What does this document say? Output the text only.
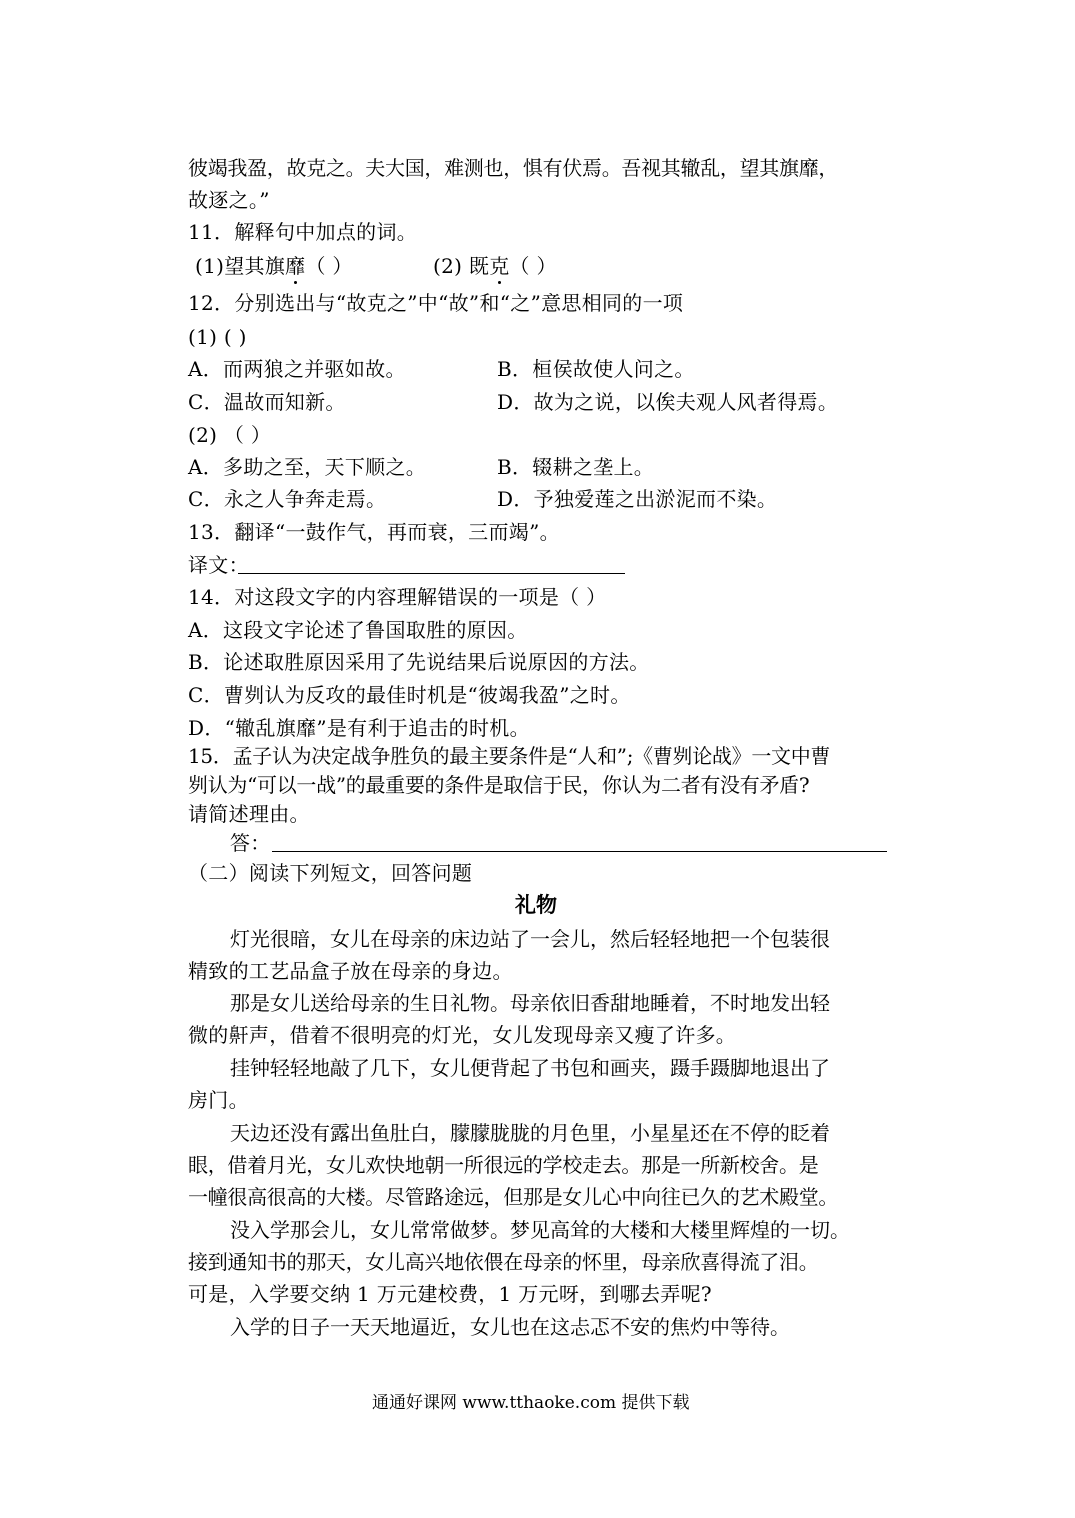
彼竭我盈，故克之。夫大国，难测也，惧有伏焉。吾视其辙乱，望其旗靡，
故逐之。”
11．解释句中加点的词。
(1)望其旗靡（ ）	(2) 既克（ ）
12．分别选出与“故克之”中“故”和“之”意思相同的一项
(1) ( )
A．而两狼之并驱如故。	B．桓侯故使人问之。
C．温故而知新。	D．故为之说，以俟夫观人风者得焉。
(2) （ ）
A．多助之至，天下顺之。	B．辍耕之垄上。
C．永之人争奔走焉。	D．予独爱莲之出淤泥而不染。
13．翻译“一鼓作气，再而衰，三而竭”。
译文：
14．对这段文字的内容理解错误的一项是（ ）
A．这段文字论述了鲁国取胜的原因。
B．论述取胜原因采用了先说结果后说原因的方法。
C．曹刿认为反攻的最佳时机是“彼竭我盈”之时。
D．“辙乱旗靡”是有利于追击的时机。
15．孟子认为决定战争胜负的最主要条件是“人和”;《曹刿论战》一文中曹
刿认为“可以一战”的最重要的条件是取信于民，你认为二者有没有矛盾?
请简述理由。
答：
（二）阅读下列短文，回答问题
礼物
灯光很暗，女儿在母亲的床边站了一会儿，然后轻轻地把一个包装很
精致的工艺品盒子放在母亲的身边。
那是女儿送给母亲的生日礼物。母亲依旧香甜地睡着，不时地发出轻
微的鼾声，借着不很明亮的灯光，女儿发现母亲又瘦了许多。
挂钟轻轻地敲了几下，女儿便背起了书包和画夹，蹑手蹑脚地退出了
房门。
天边还没有露出鱼肚白，朦朦胧胧的月色里，小星星还在不停的眨着
眼，借着月光，女儿欢快地朝一所很远的学校走去。那是一所新校舍。是
一幢很高很高的大楼。尽管路途远，但那是女儿心中向往已久的艺术殿堂。
没入学那会儿，女儿常常做梦。梦见高耸的大楼和大楼里辉煌的一切。
接到通知书的那天，女儿高兴地依偎在母亲的怀里，母亲欣喜得流了泪。
可是，入学要交纳 1 万元建校费，1 万元呀，到哪去弄呢?
入学的日子一天天地逼近，女儿也在这忐忑不安的焦灼中等待。
通通好课网 www.tthaoke.com 提供下载
